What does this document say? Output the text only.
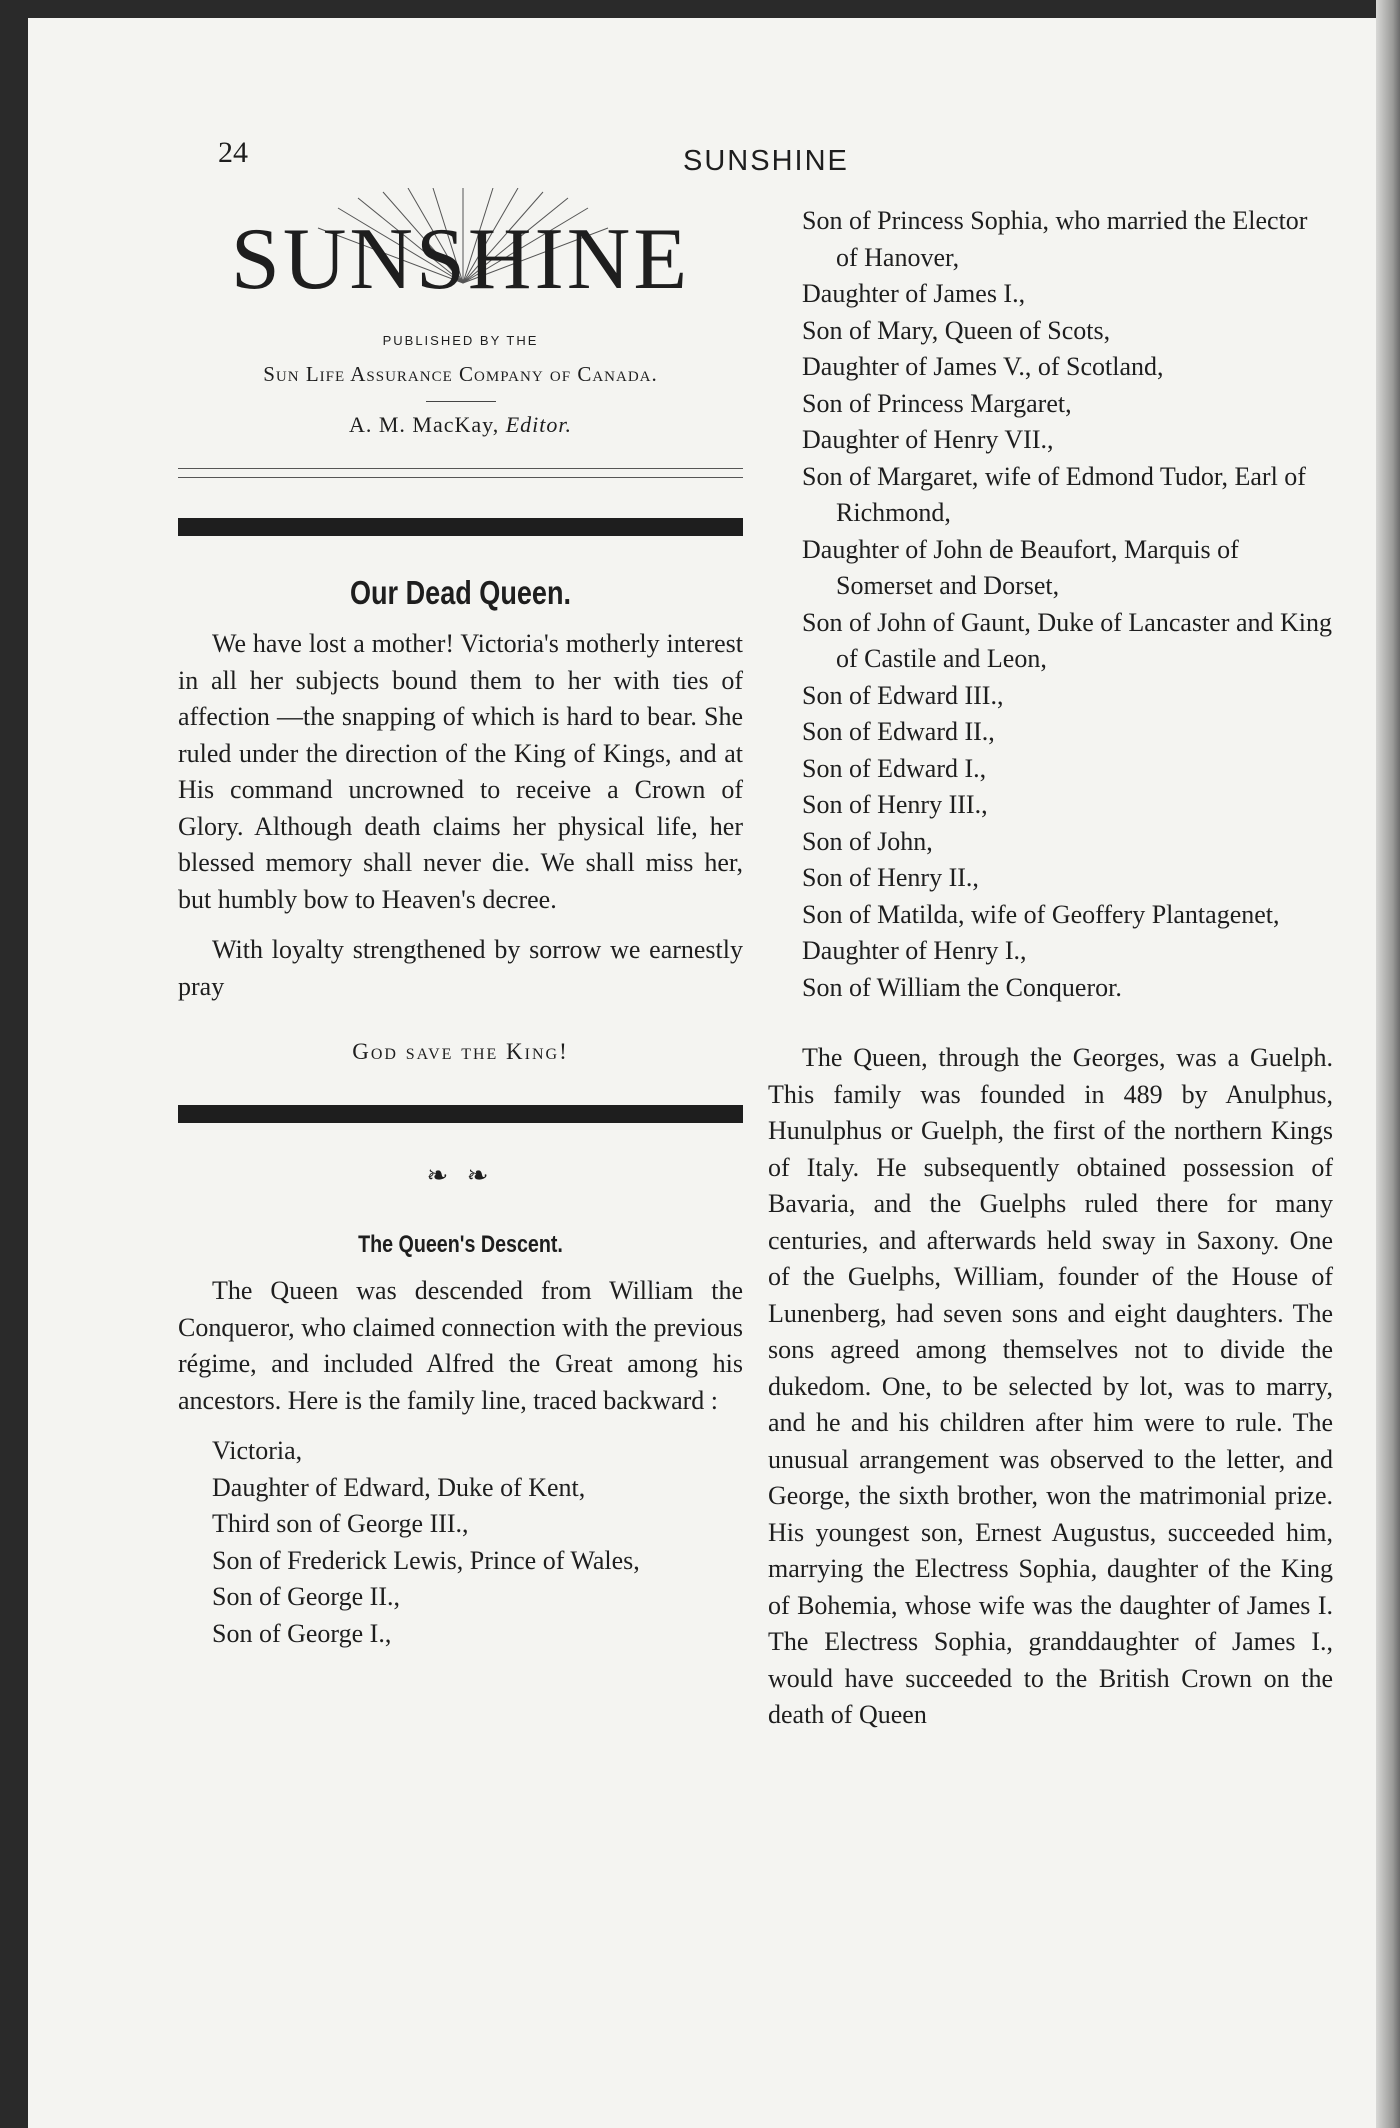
24	SUNSHINE
SUNSHINE
PUBLISHED BY THE
Sun Life Assurance Company of Canada.
A. M. MacKay, Editor.
Our Dead Queen.

We have lost a mother! Victoria's motherly interest in all her subjects bound them to her with ties of affection —the snapping of which is hard to bear. She ruled under the direction of the King of Kings, and at His command uncrowned to receive a Crown of Glory. Although death claims her physical life, her blessed memory shall never die. We shall miss her, but humbly bow to Heaven's decree.

With loyalty strengthened by sorrow we earnestly pray

God save the King!
❧ ❧
The Queen's Descent.

The Queen was descended from William the Conqueror, who claimed connection with the previous régime, and included Alfred the Great among his ancestors. Here is the family line, traced backward :

Victoria,
Daughter of Edward, Duke of Kent,
Third son of George III.,
Son of Frederick Lewis, Prince of Wales,
Son of George II.,
Son of George I.,
Son of Princess Sophia, who married the Elector of Hanover,
Daughter of James I.,
Son of Mary, Queen of Scots,
Daughter of James V., of Scotland,
Son of Princess Margaret,
Daughter of Henry VII.,
Son of Margaret, wife of Edmond Tudor, Earl of Richmond,
Daughter of John de Beaufort, Marquis of Somerset and Dorset,
Son of John of Gaunt, Duke of Lancaster and King of Castile and Leon,
Son of Edward III.,
Son of Edward II.,
Son of Edward I.,
Son of Henry III.,
Son of John,
Son of Henry II.,
Son of Matilda, wife of Geoffery Plantagenet,
Daughter of Henry I.,
Son of William the Conqueror.

The Queen, through the Georges, was a Guelph. This family was founded in 489 by Anulphus, Hunulphus or Guelph, the first of the northern Kings of Italy. He subsequently obtained possession of Bavaria, and the Guelphs ruled there for many centuries, and afterwards held sway in Saxony. One of the Guelphs, William, founder of the House of Lunenberg, had seven sons and eight daughters. The sons agreed among themselves not to divide the dukedom. One, to be selected by lot, was to marry, and he and his children after him were to rule. The unusual arrangement was observed to the letter, and George, the sixth brother, won the matrimonial prize. His youngest son, Ernest Augustus, succeeded him, marrying the Electress Sophia, daughter of the King of Bohemia, whose wife was the daughter of James I. The Electress Sophia, granddaughter of James I., would have succeeded to the British Crown on the death of Queen
